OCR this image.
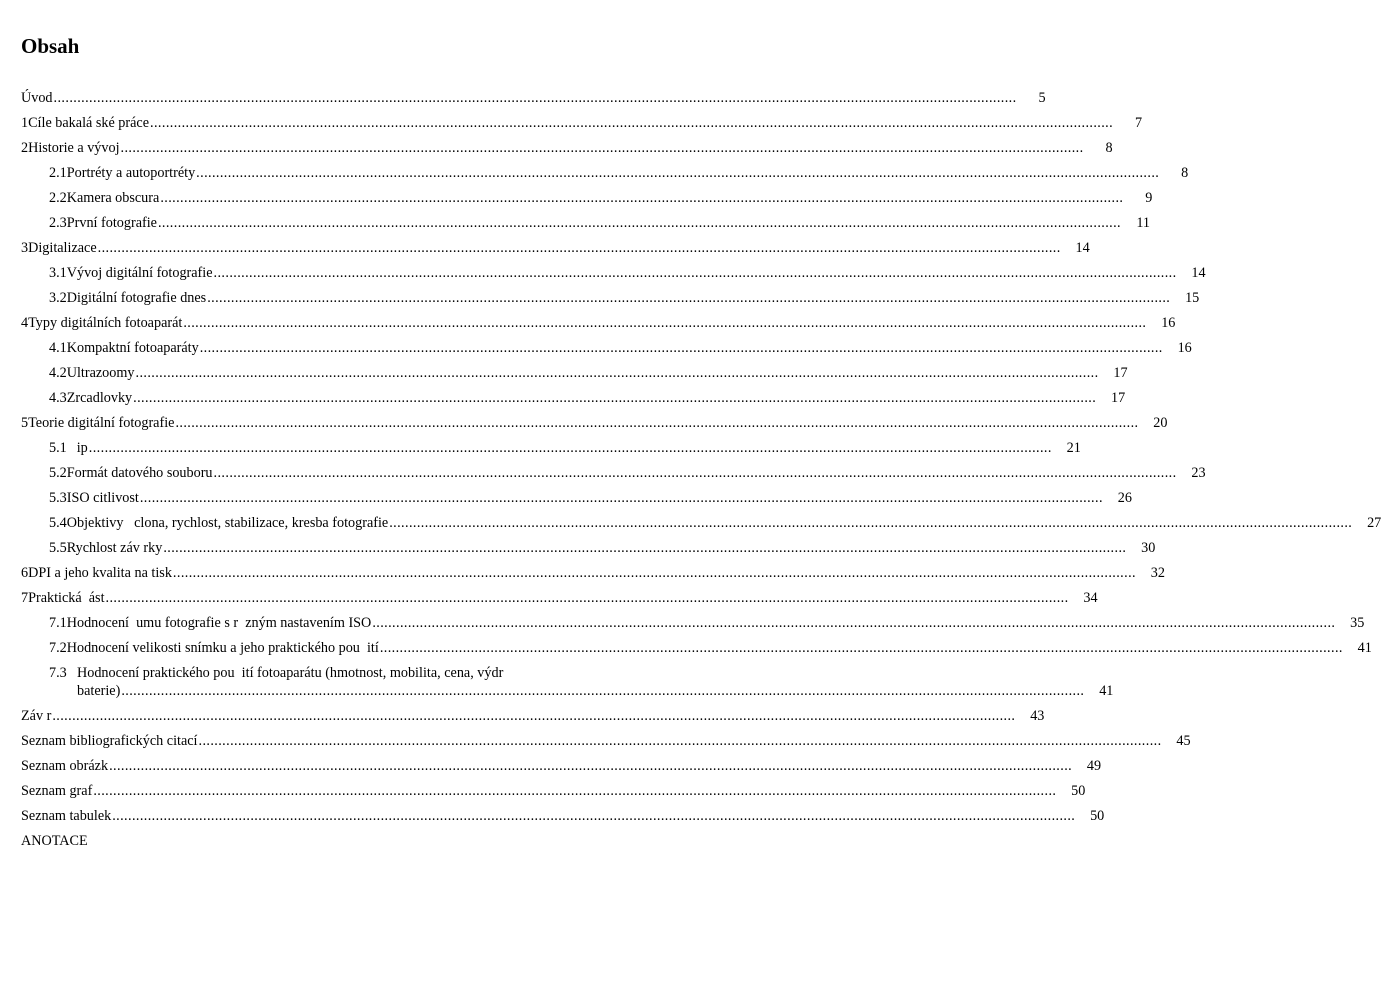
Obsah
Úvod .....	5
1 Cíle bakalá ské práce .....	7
2 Historie a vývoj .....	8
2.1 Portréty a autoportréty .....	8
2.2 Kamera obscura .....	9
2.3 První fotografie .....	11
3 Digitalizace .....	14
3.1 Vývoj digitální fotografie .....	14
3.2 Digitální fotografie dnes .....	15
4 Typy digitálních fotoaparát .....	16
4.1 Kompaktní fotoaparáty .....	16
4.2 Ultrazoomy .....	17
4.3 Zrcadlovky .....	17
5 Teorie digitální fotografie .....	20
5.1 ip .....	21
5.2 Formát datového souboru .....	23
5.3 ISO citlivost .....	26
5.4 Objektivy   clona, rychlost, stabilizace, kresba fotografie .....	27
5.5 Rychlost záv rky .....	30
6 DPI a jeho kvalita na tisk .....	32
7 Praktická  ást .....	34
7.1 Hodnocení  umu fotografie s r  zným nastavením ISO .....	35
7.2 Hodnocení velikosti snímku a jeho praktického pou  ití .....	41
7.3 Hodnocení praktického pou  ití fotoaparátu (hmotnost, mobilita, cena, výdr
baterie) .....	41
Záv r .....	43
Seznam bibliografických citací .....	45
Seznam obrázk .....	49
Seznam graf .....	50
Seznam tabulek .....	50
ANOTACE
